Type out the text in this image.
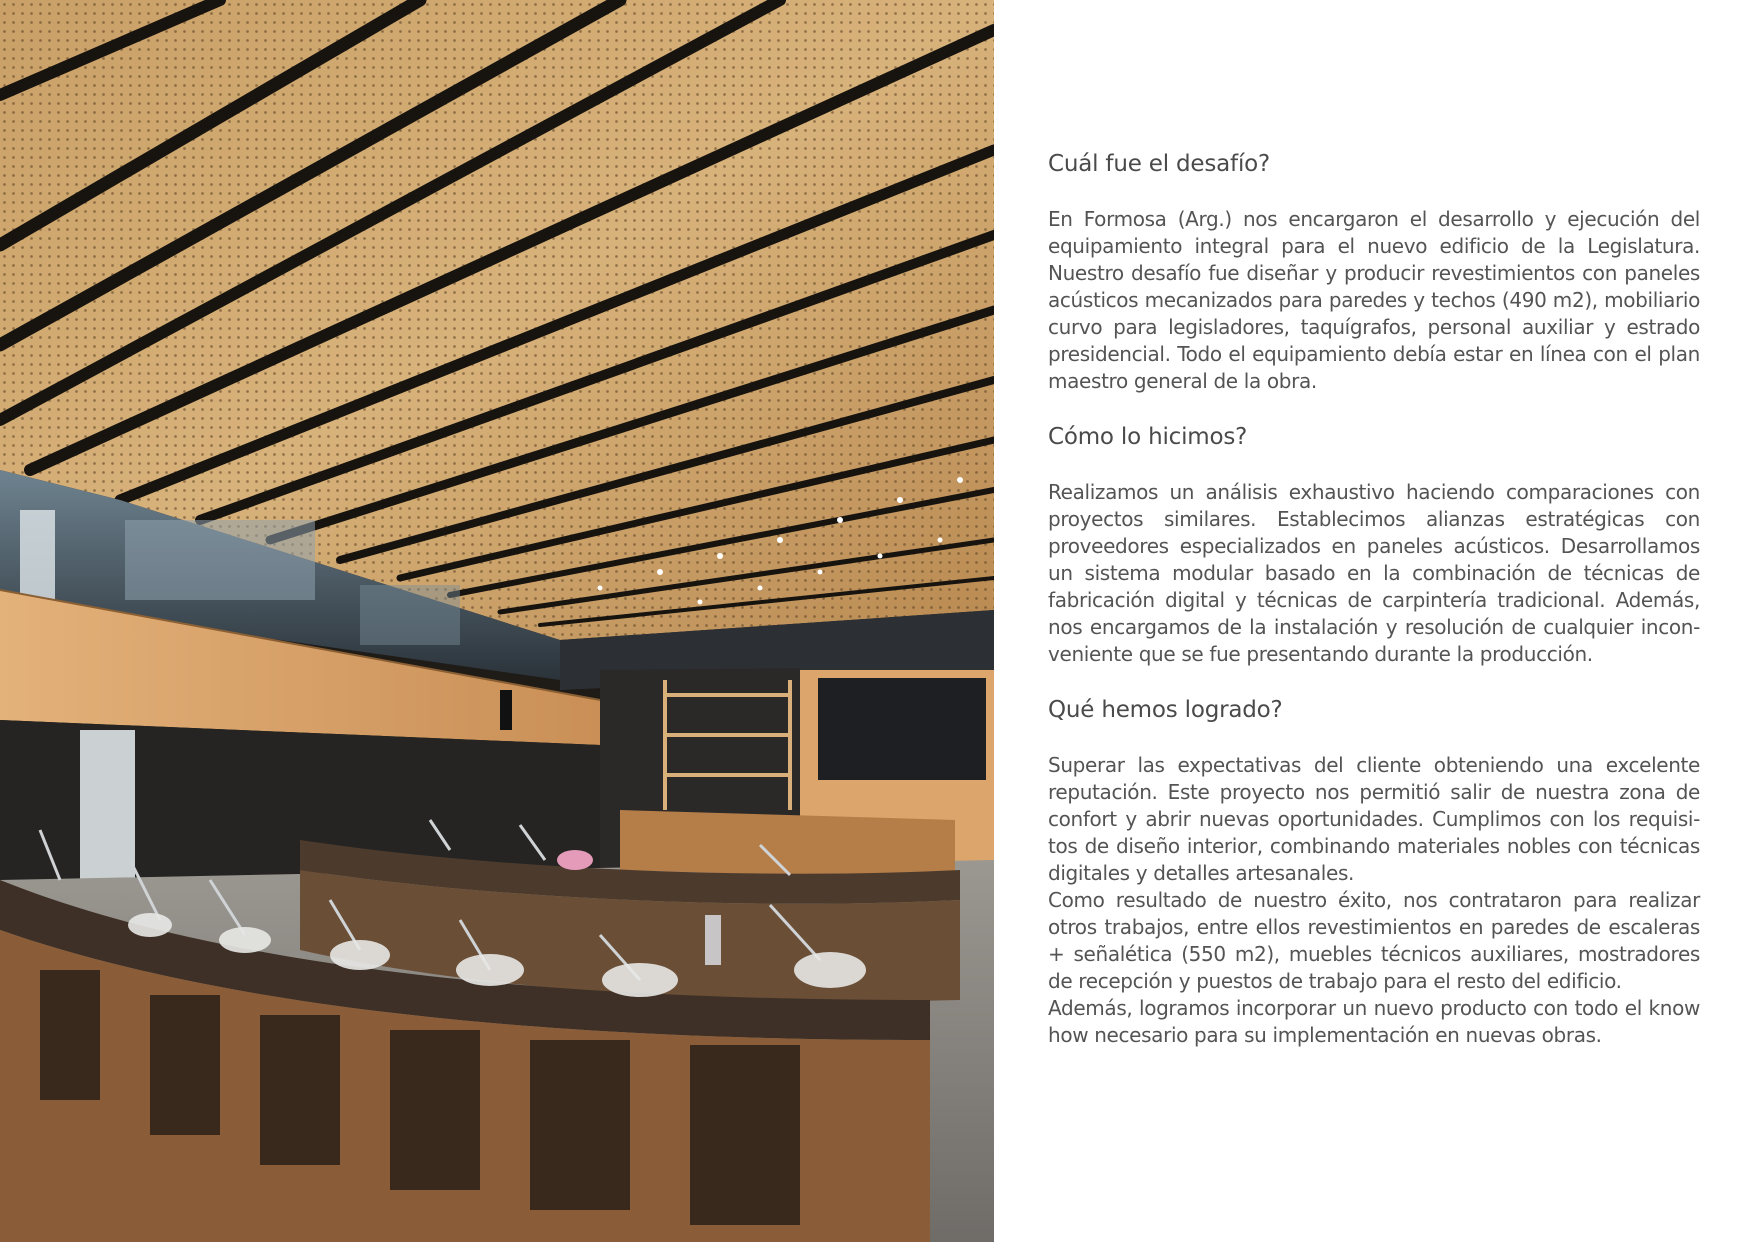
Cuál fue el desafío?

En Formosa (Arg.) nos encargaron el desarrollo y ejecución del equipamiento integral para el nuevo edificio de la Legislatura. Nuestro desafío fue diseñar y producir revestimientos con paneles acústicos mecanizados para paredes y techos (490 m2), mobiliario curvo para legisladores, taquígrafos, personal auxiliar y estrado presidencial. Todo el equipamiento debía estar en línea con el plan maestro general de la obra.

Cómo lo hicimos?

Realizamos un análisis exhaustivo haciendo comparaciones con proyectos similares. Establecimos alianzas estratégicas con proveedores especializados en paneles acústicos. Desarrollamos un sistema modular basado en la combinación de técnicas de fabricación digital y técnicas de carpintería tradicional. Además, nos encargamos de la instalación y resolución de cualquier incon-veniente que se fue presentando durante la producción.

Qué hemos logrado?

Superar las expectativas del cliente obteniendo una excelente reputación. Este proyecto nos permitió salir de nuestra zona de confort y abrir nuevas oportunidades. Cumplimos con los requisi-tos de diseño interior, combinando materiales nobles con técnicas digitales y detalles artesanales.

Como resultado de nuestro éxito, nos contrataron para realizar otros trabajos, entre ellos revestimientos en paredes de escaleras + señalética (550 m2), muebles técnicos auxiliares, mostradores de recepción y puestos de trabajo para el resto del edificio.

Además, logramos incorporar un nuevo producto con todo el know how necesario para su implementación en nuevas obras.
